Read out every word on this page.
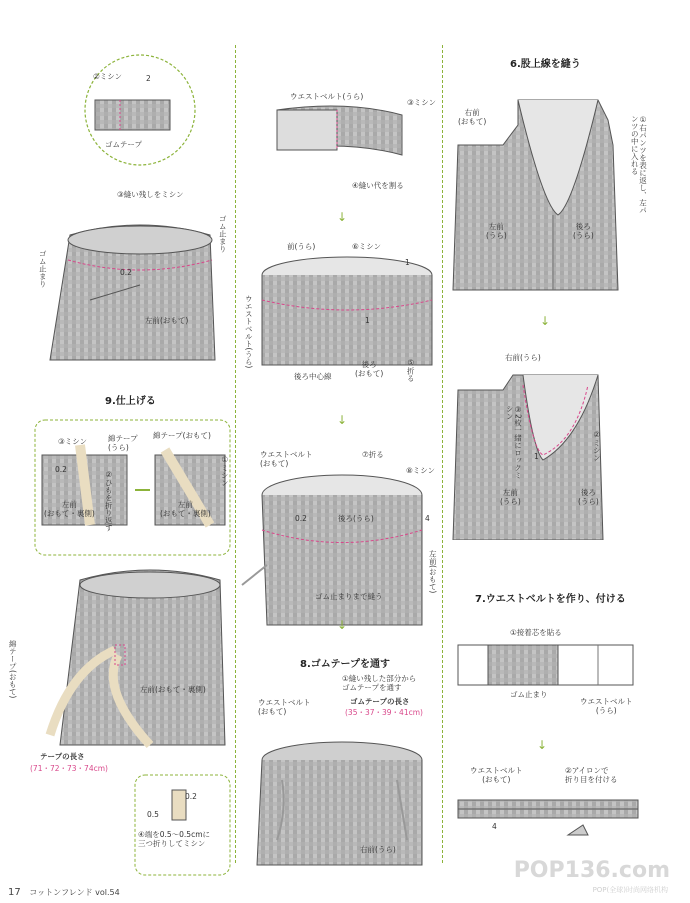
②ミシン	2
ゴムテープ
③縫い残しをミシン
ゴム止まり
ゴム止まり	0.2
左前(おもて)
9.仕上げる
③ミシン	綿テープ
(うら)
綿テープ(おもて)
0.2
②ひもを折り返す	①ミシン
左前
(おもて・裏側)
左前
(おもて・裏側)
綿テープ(おもて)	左前(おもて・裏側)
テープの長さ
(71・72・73・74cm)
0.2
0.5
④端を0.5～0.5cmに
三つ折りしてミシン
ウエストベルト(うら)
③ミシン
④縫い代を割る
↓
前(うら)	⑥ミシン
1
1
ウエストベルト(うら)
後ろ中心線
後ろ
(おもて)	⑤折る
↓
ウエストベルト
(おもて)
⑦折る
⑧ミシン
0.2	後ろ(うら)	4
左前(おもて)
ゴム止まりまで縫う
↓
8.ゴムテープを通す
①縫い残した部分から
ゴムテープを通す
ゴムテープの長さ
(35・37・39・41cm)
ウエストベルト
(おもて)
右前(うら)
6.股上線を縫う
右前
(おもて)	①右パンツを表に返し、左パンツの中に入れる
左前
(うら)
後ろ
(うら)
↓
右前(うら)
③2枚一緒にロックミシン
②ミシン
1
左前
(うら)
後ろ
(うら)
7.ウエストベルトを作り、付ける
①接着芯を貼る
ゴム止まり
ウエストベルト
(うら)
↓
ウエストベルト
(おもて)
②アイロンで
折り目を付ける
4
17 コットンフレンド vol.54
POP136.com
POP(全球)时尚网络机构
